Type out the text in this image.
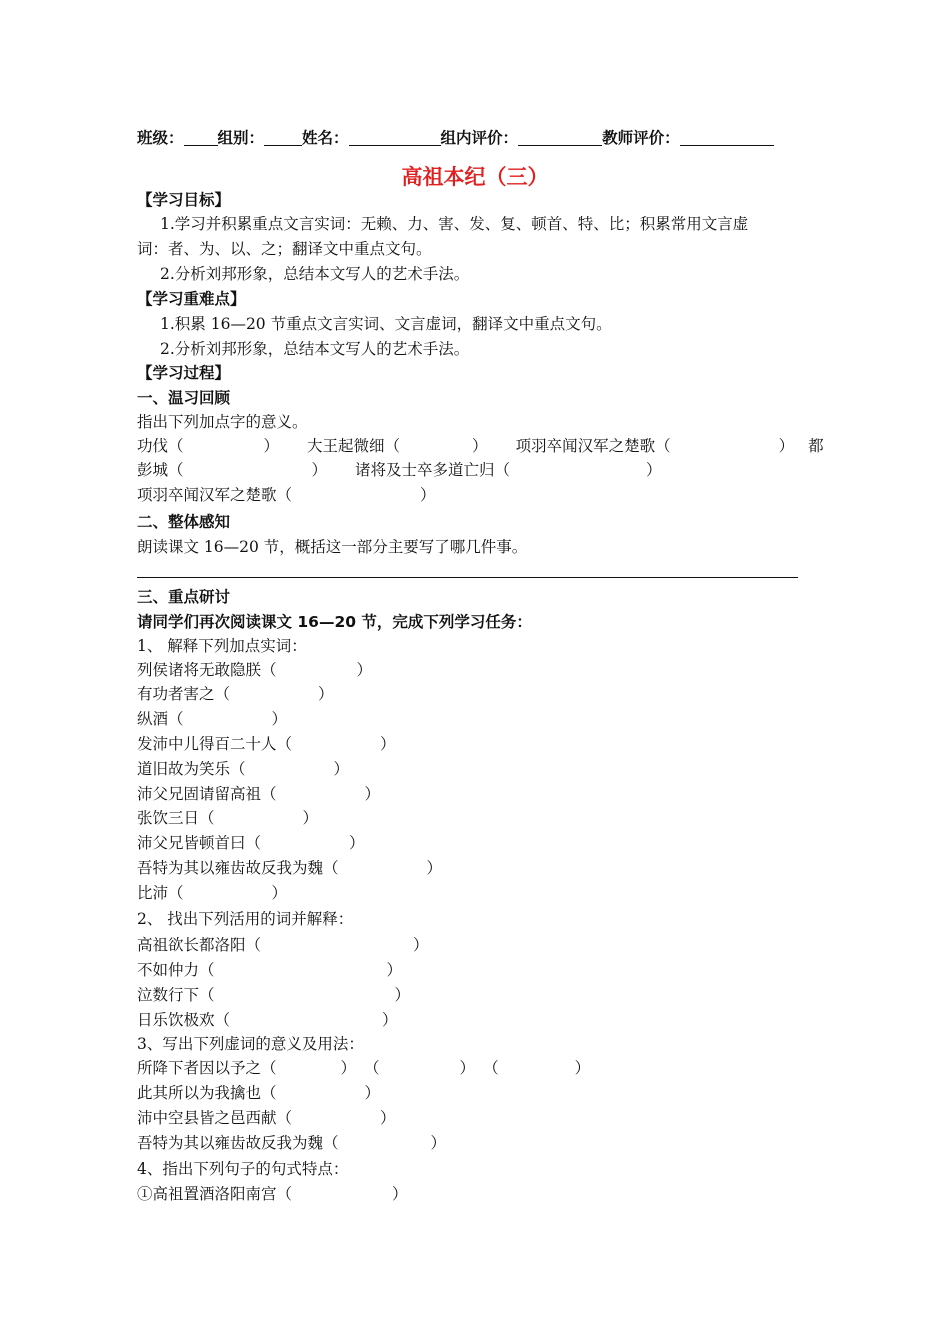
班级： 组别： 姓名：	组内评价：	教师评价：
高祖本纪（三）
【学习目标】
1.学习并积累重点文言实词：无赖、力、害、发、复、顿首、特、比；积累常用文言虚
词：者、为、以、之；翻译文中重点文句。
2.分析刘邦形象，总结本文写人的艺术手法。
【学习重难点】
1.积累 16—20 节重点文言实词、文言虚词，翻译文中重点文句。
2.分析刘邦形象，总结本文写人的艺术手法。
【学习过程】
一、温习回顾
指出下列加点字的意义。
功伐（	） 大王起微细（	） 项羽卒闻汉军之楚歌（	） 都
彭城（	） 诸将及士卒多道亡归（	）
项羽卒闻汉军之楚歌（	）
二、整体感知
朗读课文 16—20 节，概括这一部分主要写了哪几件事。
三、重点研讨
请同学们再次阅读课文 16—20 节，完成下列学习任务：
1、 解释下列加点实词：
列侯诸将无敢隐朕（	）
有功者害之（	）
纵酒（	）
发沛中儿得百二十人（	）
道旧故为笑乐（	）
沛父兄固请留高祖（	）
张饮三日（	）
沛父兄皆顿首曰（	）
吾特为其以雍齿故反我为魏（	）
比沛（	）
2、 找出下列活用的词并解释：
高祖欲长都洛阳（	）
不如仲力（	）
泣数行下（	）
日乐饮极欢（	）
3、写出下列虚词的意义及用法：
所降下者因以予之（	） （	） （	）
此其所以为我擒也（	）
沛中空县皆之邑西献（	）
吾特为其以雍齿故反我为魏（	）
4、指出下列句子的句式特点：
①高祖置酒洛阳南宫（	）
